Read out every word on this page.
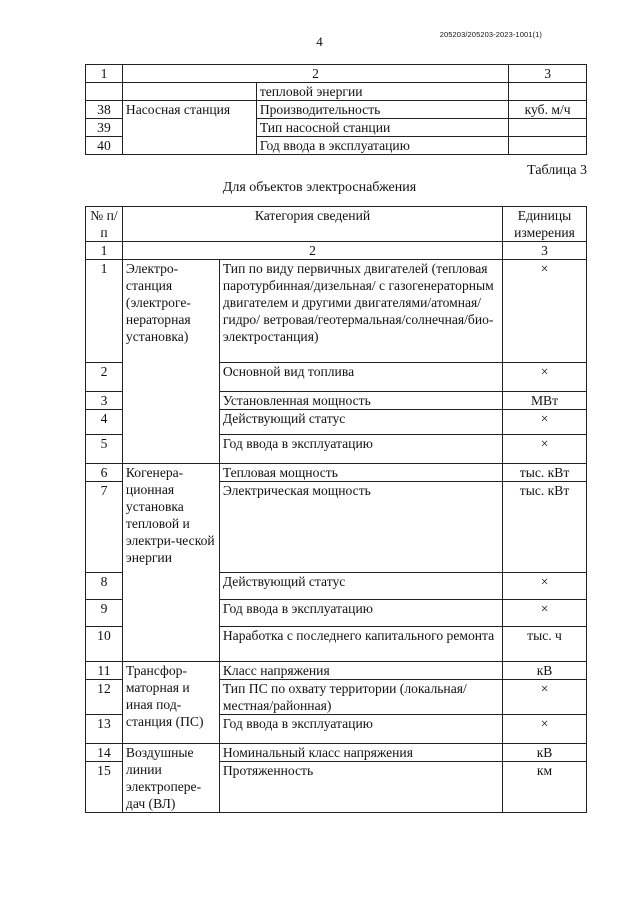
205203/205203-2023-1001(1)
4
1	2		3
		тепловой энергии	
38	Насосная станция	Производительность	куб. м/ч
39		Тип насосной станции	
40		Год ввода в эксплуатацию	
Таблица 3
Для объектов электроснабжения
№ п/п	Категория сведений		Единицы измерения
1	2		3
1	Электро-станция (электроге-нераторная установка)	Тип по виду первичных двигателей (тепловая паротурбинная/дизельная/ с газогенераторным двигателем и другими двигателями/атомная/гидро/ ветровая/геотермальная/солнечная/био-электростанция)	×
2		Основной вид топлива	×
3		Установленная мощность	МВт
4		Действующий статус	×
5		Год ввода в эксплуатацию	×
6	Когенера-ционная установка тепловой и электри-ческой энергии	Тепловая мощность	тыс. кВт
7		Электрическая мощность	тыс. кВт
8		Действующий статус	×
9		Год ввода в эксплуатацию	×
10		Наработка с последнего капитального ремонта	тыс. ч
11	Трансфор-маторная и иная под-станция (ПС)	Класс напряжения	кВ
12		Тип ПС по охвату территории (локальная/местная/районная)	×
13		Год ввода в эксплуатацию	×
14	Воздушные линии электропере-дач (ВЛ)	Номинальный класс напряжения	кВ
15		Протяженность	км
